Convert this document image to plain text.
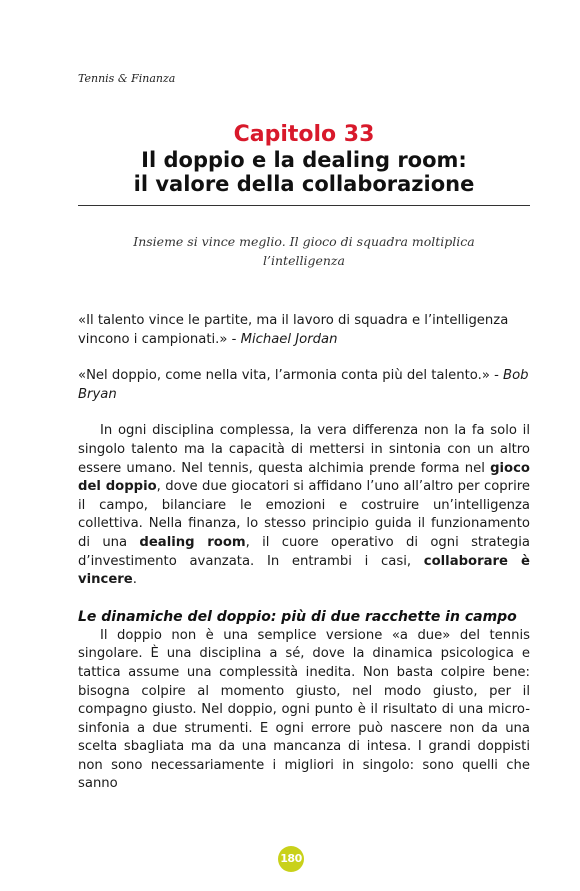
Tennis & Finanza
Capitolo 33
Il doppio e la dealing room:
il valore della collaborazione
Insieme si vince meglio. Il gioco di squadra moltiplica l’intelligenza

«Il talento vince le partite, ma il lavoro di squadra e l’intelligenza vincono i campionati.» - Michael Jordan

«Nel doppio, come nella vita, l’armonia conta più del talento.» - Bob Bryan

In ogni disciplina complessa, la vera differenza non la fa solo il singolo talento ma la capacità di mettersi in sintonia con un altro essere umano. Nel tennis, questa alchimia prende forma nel gioco del doppio, dove due giocatori si affidano l’uno all’altro per coprire il campo, bilanciare le emozioni e costruire un’intelligenza collettiva. Nella finanza, lo stesso principio guida il funzionamento di una dealing room, il cuore operativo di ogni strategia d’investimento avanzata. In entrambi i casi, collaborare è vincere.

Le dinamiche del doppio: più di due racchette in campo

Il doppio non è una semplice versione «a due» del tennis singolare. È una disciplina a sé, dove la dinamica psicologica e tattica assume una complessità inedita. Non basta colpire bene: bisogna colpire al momento giusto, nel modo giusto, per il compagno giusto. Nel doppio, ogni punto è il risultato di una micro-sinfonia a due strumenti. E ogni errore può nascere non da una scelta sbagliata ma da una mancanza di intesa. I grandi doppisti non sono necessariamente i migliori in singolo: sono quelli che sanno

180
